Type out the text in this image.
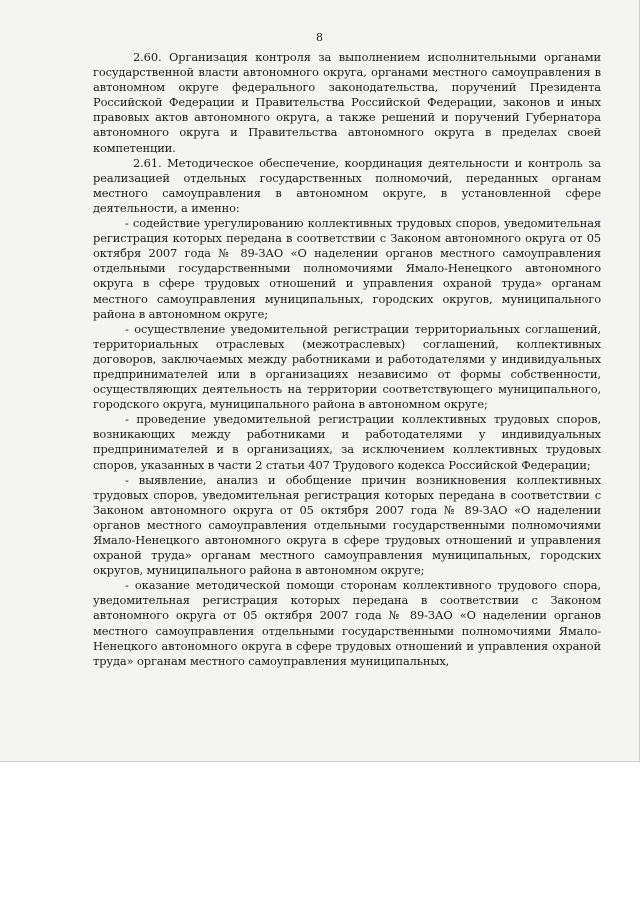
8

2.60. Организация контроля за выполнением исполнительными органами государственной власти автономного округа, органами местного самоуправления в автономном округе федерального законодательства, поручений Президента Российской Федерации и Правительства Российской Федерации, законов и иных правовых актов автономного округа, а также решений и поручений Губернатора автономного округа и Правительства автономного округа в пределах своей компетенции.

2.61. Методическое обеспечение, координация деятельности и контроль за реализацией отдельных государственных полномочий, переданных органам местного самоуправления в автономном округе, в установленной сфере деятельности, а именно:

- содействие урегулированию коллективных трудовых споров, уведомительная регистрация которых передана в соответствии с Законом автономного округа от 05 октября 2007 года № 89-ЗАО «О наделении органов местного самоуправления отдельными государственными полномочиями Ямало-Ненецкого автономного округа в сфере трудовых отношений и управления охраной труда» органам местного самоуправления муниципальных, городских округов, муниципального района в автономном округе;

- осуществление уведомительной регистрации территориальных соглашений, территориальных отраслевых (межотраслевых) соглашений, коллективных договоров, заключаемых между работниками и работодателями у индивидуальных предпринимателей или в организациях независимо от формы собственности, осуществляющих деятельность на территории соответствующего муниципального, городского округа, муниципального района в автономном округе;

- проведение уведомительной регистрации коллективных трудовых споров, возникающих между работниками и работодателями у индивидуальных предпринимателей и в организациях, за исключением коллективных трудовых споров, указанных в части 2 статьи 407 Трудового кодекса Российской Федерации;

- выявление, анализ и обобщение причин возникновения коллективных трудовых споров, уведомительная регистрация которых передана в соответствии с Законом автономного округа от 05 октября 2007 года № 89-ЗАО «О наделении органов местного самоуправления отдельными государственными полномочиями Ямало-Ненецкого автономного округа в сфере трудовых отношений и управления охраной труда» органам местного самоуправления муниципальных, городских округов, муниципального района в автономном округе;

- оказание методической помощи сторонам коллективного трудового спора, уведомительная регистрация которых передана в соответствии с Законом автономного округа от 05 октября 2007 года № 89-ЗАО «О наделении органов местного самоуправления отдельными государственными полномочиями Ямало-Ненецкого автономного округа в сфере трудовых отношений и управления охраной труда» органам местного самоуправления муниципальных,
